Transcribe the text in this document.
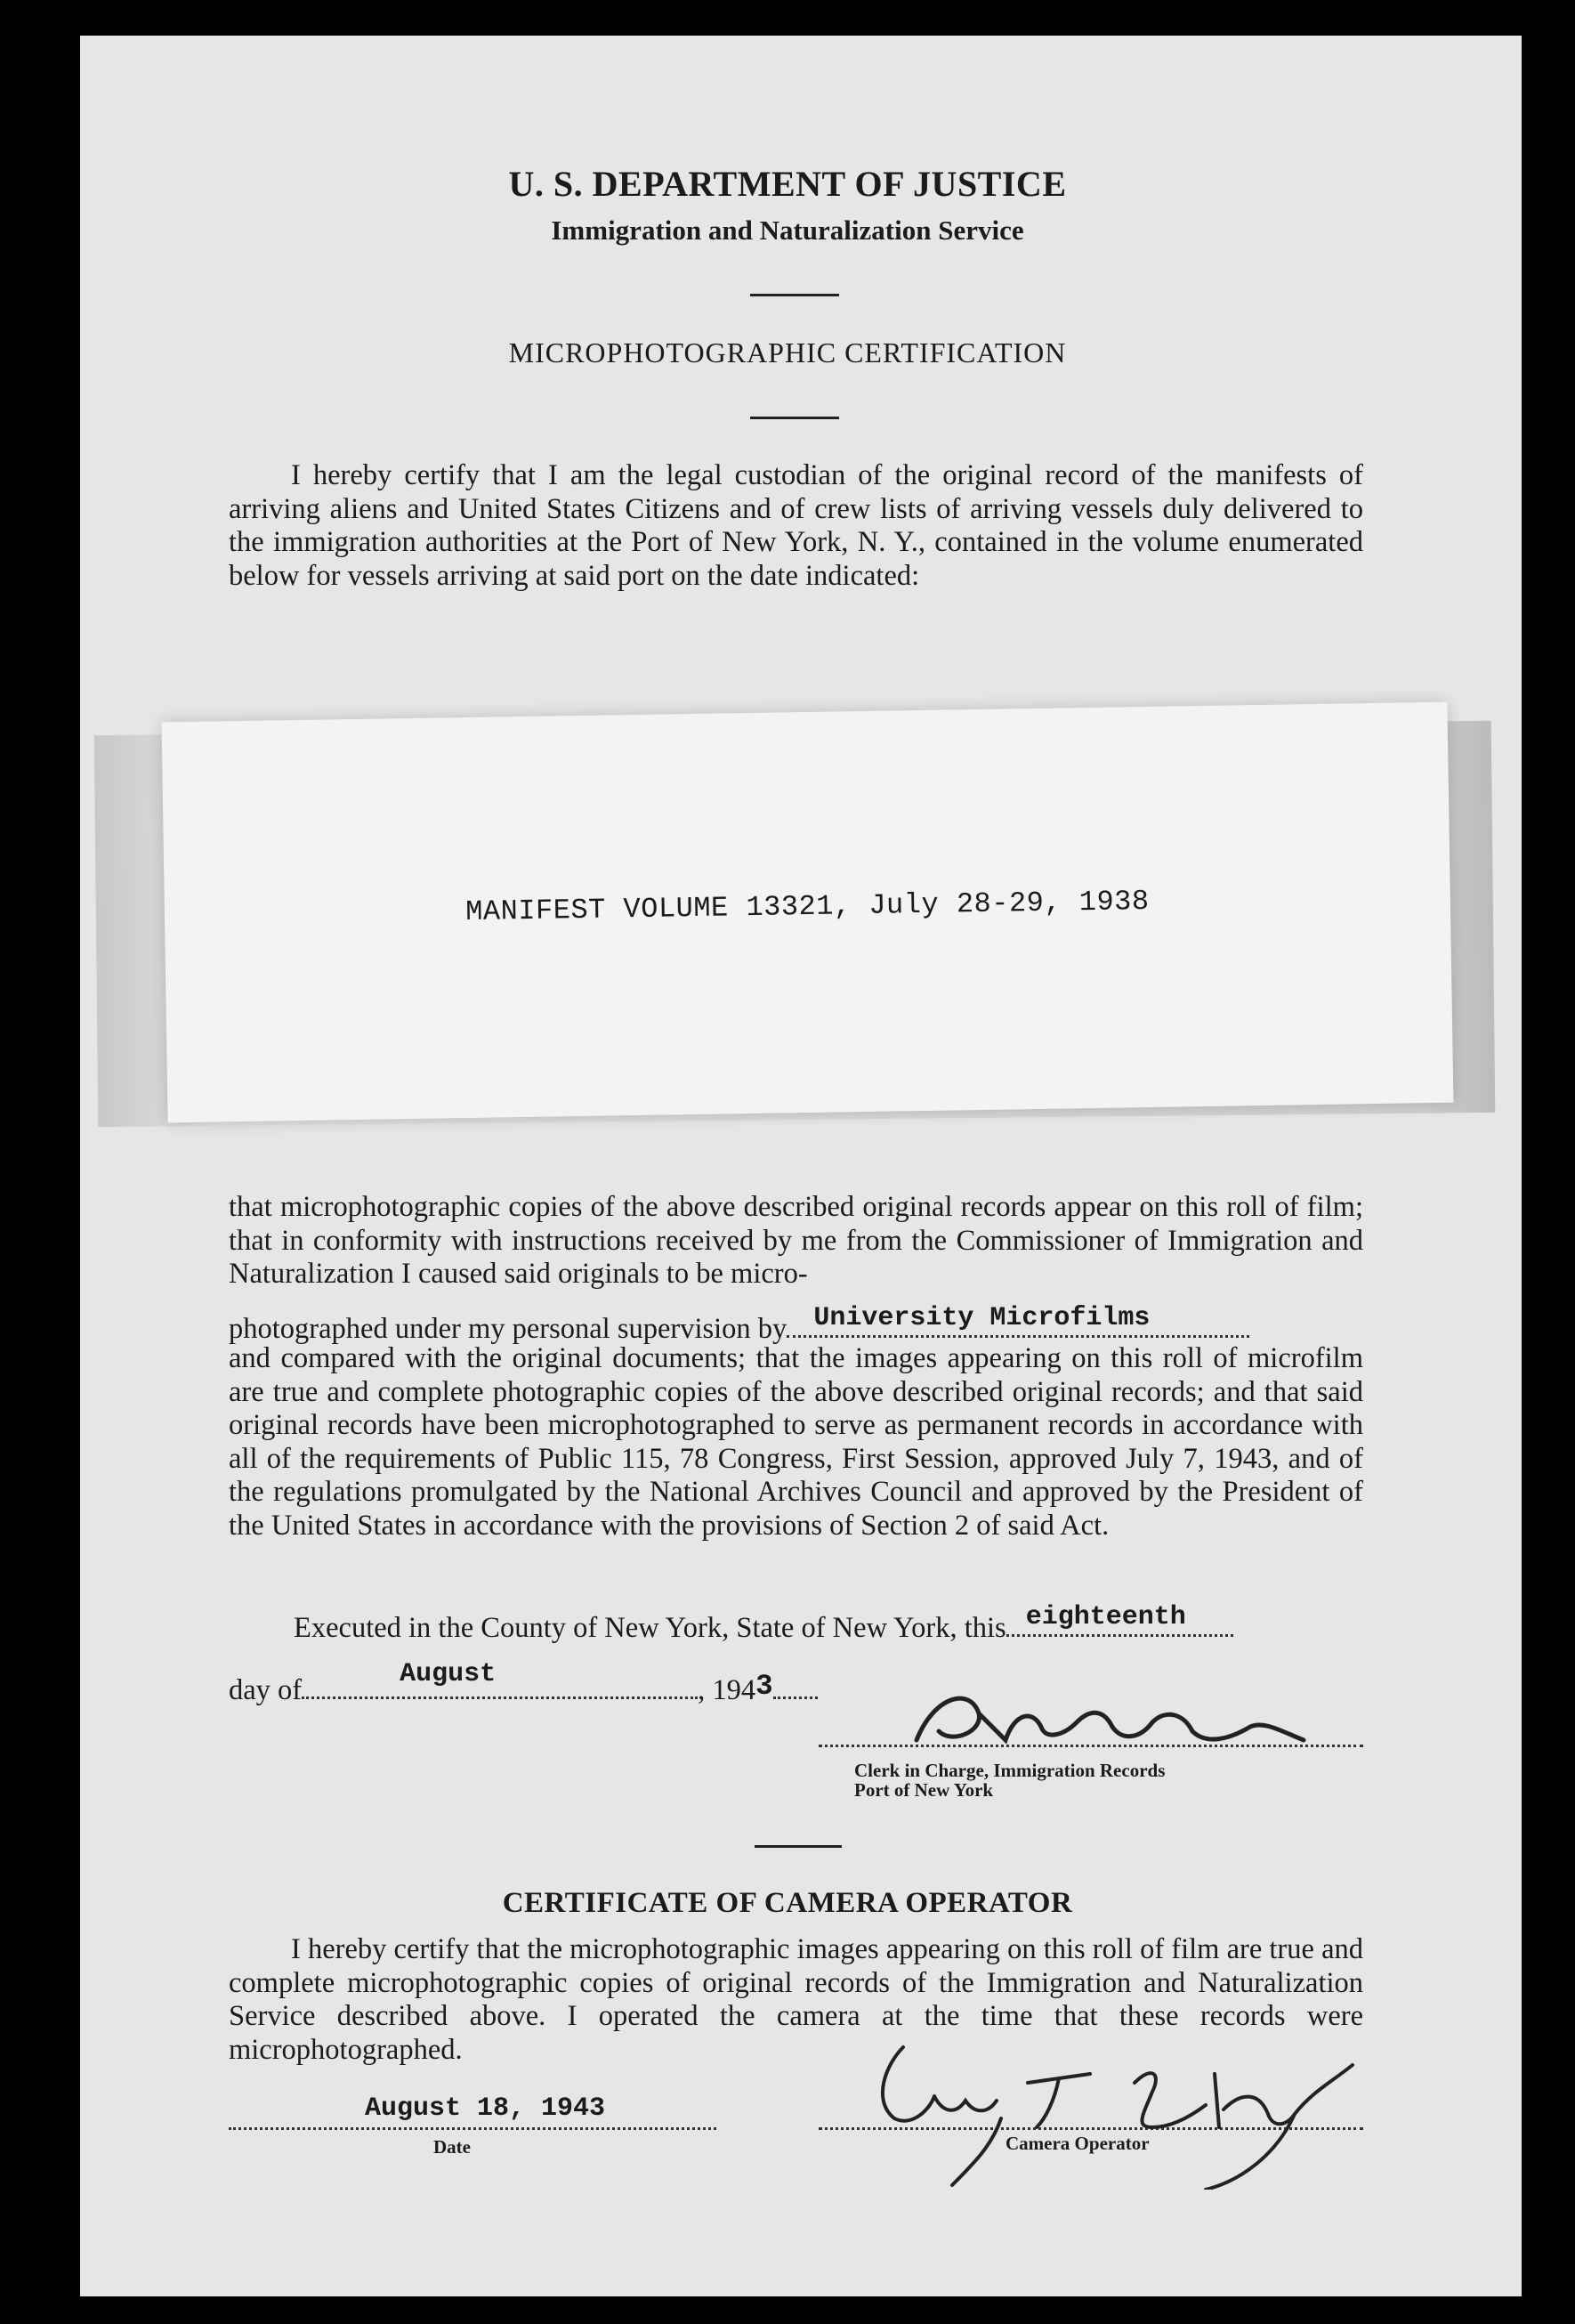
U. S. DEPARTMENT OF JUSTICE
Immigration and Naturalization Service
MICROPHOTOGRAPHIC CERTIFICATION
I hereby certify that I am the legal custodian of the original record of the manifests of arriving aliens and United States Citizens and of crew lists of arriving vessels duly delivered to the immigration authorities at the Port of New York, N. Y., contained in the volume enumerated below for vessels arriving at said port on the date indicated:
MANIFEST VOLUME 13321, July 28-29, 1938
that microphotographic copies of the above described original records appear on this roll of film; that in conformity with instructions received by me from the Commissioner of Immigration and Naturalization I caused said originals to be micro-
photographed under my personal supervision by University Microfilms
and compared with the original documents; that the images appearing on this roll of microfilm are true and complete photographic copies of the above described original records; and that said original records have been microphotographed to serve as permanent records in accordance with all of the requirements of Public 115, 78 Congress, First Session, approved July 7, 1943, and of the regulations promulgated by the National Archives Council and approved by the President of the United States in accordance with the provisions of Section 2 of said Act.
Executed in the County of New York, State of New York, this eighteenth
day of	August	, 1943
Clerk in Charge, Immigration Records
Port of New York
CERTIFICATE OF CAMERA OPERATOR
I hereby certify that the microphotographic images appearing on this roll of film are true and complete microphotographic copies of original records of the Immigration and Naturalization Service described above. I operated the camera at the time that these records were microphotographed.
August 18, 1943
Date	Camera Operator
